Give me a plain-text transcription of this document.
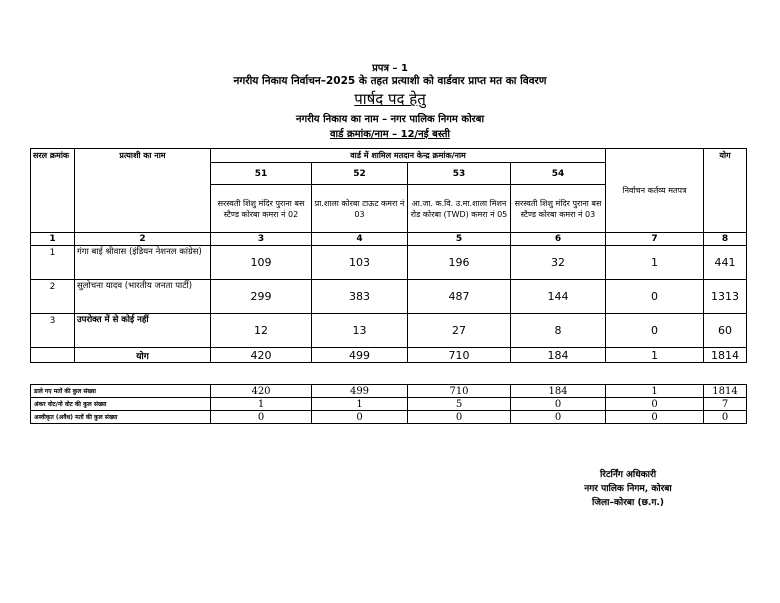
प्रपत्र – 1
नगरीय निकाय निर्वाचन–2025 के तहत प्रत्याशी को वार्डवार प्राप्त मत का विवरण
पार्षद पद हेतु
नगरीय निकाय का नाम – नगर पालिक निगम कोरबा
वार्ड क्रमांक/नाम – 12/नई बस्ती
सरल क्रमांक	प्रत्याशी का नाम	वार्ड में शामिल मतदान केन्द्र क्रमांक/नाम				निर्वाचन कर्तव्य मतपत्र	योग
		51	52	53	54		
		सरस्वती शिशु मंदिर पुराना बस स्टैण्ड कोरबा कमरा नं 02	प्रा.शाला कोरबा टाऊट कमरा नं 03	आ.जा. क.वि. उ.मा.शाला मिशन रोड कोरबा (TWD) कमरा नं 05	सरस्वती शिशु मंदिर पुराना बस स्टैण्ड कोरबा कमरा नं 03		
1	2	3	4	5	6	7	8
1	गंगा बाई श्रीवास (इंडियन नेशनल कांग्रेस)	109	103	196	32	1	441
2	सुलोचना यादव (भारतीय जनता पार्टी)	299	383	487	144	0	1313
3	उपरोक्त में से कोई नहीं	12	13	27	8	0	60
	योग	420	499	710	184	1	1814
डाले गए मतों की कुल संख्या	420	499	710	184	1	1814
अंकर वोट/नो वोट की कुल संख्या	1	1	5	0	0	7
अस्वीकृत (अवैध) मतों की कुल संख्या	0	0	0	0	0	0
रिटर्निंग अधिकारी
नगर पालिक निगम, कोरबा
जिला–कोरबा (छ.ग.)
